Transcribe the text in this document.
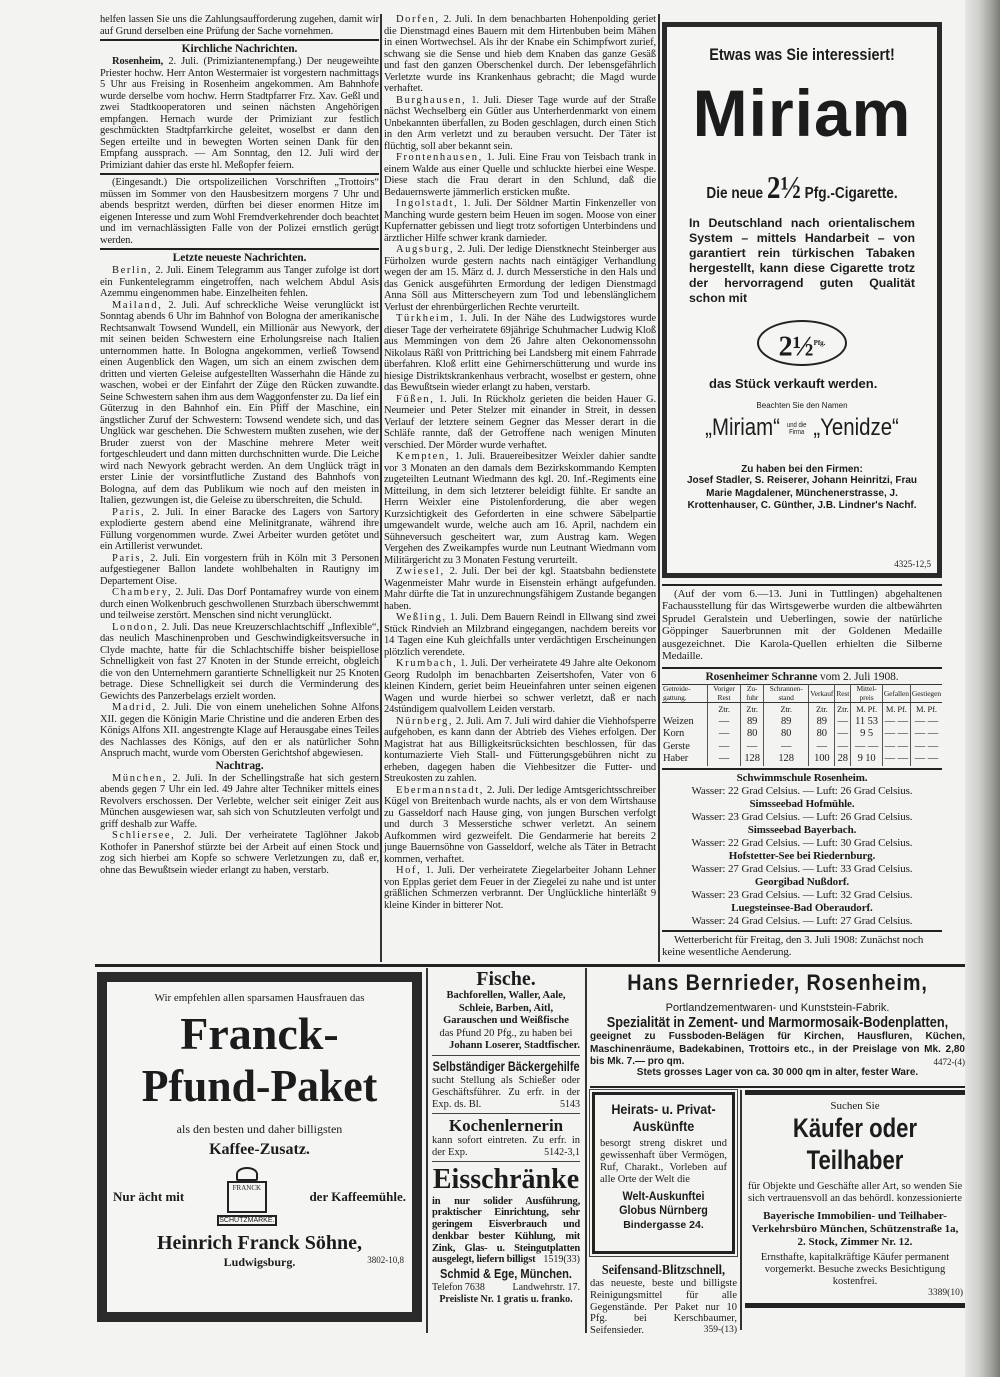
helfen lassen Sie uns die Zahlungsaufforderung zugehen, damit wir auf Grund derselben eine Prüfung der Sache vornehmen.

Kirchliche Nachrichten.

Rosenheim, 2. Juli. (Primiziantenempfang.) Der neugeweihte Priester hochw. Herr Anton Westermaier ist vorgestern nachmittags 5 Uhr aus Freising in Rosenheim angekommen. Am Bahnhofe wurde derselbe vom hochw. Herrn Stadtpfarrer Frz. Xav. Geßl und zwei Stadtkooperatoren und seinen nächsten Angehörigen empfangen. Hernach wurde der Primiziant zur festlich geschmückten Stadtpfarrkirche geleitet, woselbst er dann den Segen erteilte und in bewegten Worten seinen Dank für den Empfang aussprach. — Am Sonntag, den 12. Juli wird der Primiziant dahier das erste hl. Meßopfer feiern.

(Eingesandt.) Die ortspolizeilichen Vorschriften „Trottoirs“ müssen im Sommer von den Hausbesitzern morgens 7 Uhr und abends bespritzt werden, dürften bei dieser enormen Hitze im eigenen Interesse und zum Wohl Fremdverkehrender doch beachtet und im vernachlässigten Falle von der Polizei ernstlich gerügt werden.

Letzte neueste Nachrichten.

Berlin, 2. Juli. Einem Telegramm aus Tanger zufolge ist dort ein Funkentelegramm eingetroffen, nach welchem Abdul Asis Azemmu eingenommen habe. Einzelheiten fehlen.

Mailand, 2. Juli. Auf schreckliche Weise verunglückt ist Sonntag abends 6 Uhr im Bahnhof von Bologna der amerikanische Rechtsanwalt Towsend Wundell, ein Millionär aus Newyork, der mit seinen beiden Schwestern eine Erholungsreise nach Italien unternommen hatte. In Bologna angekommen, verließ Towsend einen Augenblick den Wagen, um sich an einem zwischen dem dritten und vierten Geleise aufgestellten Wasserhahn die Hände zu waschen, wobei er der Einfahrt der Züge den Rücken zuwandte. Seine Schwestern sahen ihm aus dem Waggonfenster zu. Da lief ein Güterzug in den Bahnhof ein. Ein Pfiff der Maschine, ein ängstlicher Zuruf der Schwestern: Towsend wendete sich, und das Unglück war geschehen. Die Schwestern mußten zusehen, wie der Bruder zuerst von der Maschine mehrere Meter weit fortgeschleudert und dann mitten durchschnitten wurde. Die Leiche wird nach Newyork gebracht werden. An dem Unglück trägt in erster Linie der vorsintflutliche Zustand des Bahnhofs von Bologna, auf dem das Publikum wie noch auf den meisten in Italien, gezwungen ist, die Geleise zu überschreiten, die Schuld.

Paris, 2. Juli. In einer Baracke des Lagers von Sartory explodierte gestern abend eine Melinitgranate, während ihre Füllung vorgenommen wurde. Zwei Arbeiter wurden getötet und ein Artillerist verwundet.

Paris, 2. Juli. Ein vorgestern früh in Köln mit 3 Personen aufgestiegener Ballon landete wohlbehalten in Rautigny im Departement Oise.

Chambery, 2. Juli. Das Dorf Pontamafrey wurde von einem durch einen Wolkenbruch geschwollenen Sturzbach überschwemmt und teilweise zerstört. Menschen sind nicht verunglückt.

London, 2. Juli. Das neue Kreuzerschlachtschiff „Inflexible“, das neulich Maschinenproben und Geschwindigkeitsversuche in Clyde machte, hatte für die Schlachtschiffe bisher beispiellose Schnelligkeit von fast 27 Knoten in der Stunde erreicht, obgleich die von den Unternehmern garantierte Schnelligkeit nur 25 Knoten betrage. Diese Schnelligkeit sei durch die Verminderung des Gewichts des Panzerbelags erzielt worden.

Madrid, 2. Juli. Die von einem unehelichen Sohne Alfons XII. gegen die Königin Marie Christine und die anderen Erben des Königs Alfons XII. angestrengte Klage auf Herausgabe eines Teiles des Nachlasses des Königs, auf den er als natürlicher Sohn Anspruch macht, wurde vom Obersten Gerichtshof abgewiesen.

Nachtrag.

München, 2. Juli. In der Schellingstraße hat sich gestern abends gegen 7 Uhr ein led. 49 Jahre alter Techniker mittels eines Revolvers erschossen. Der Verlebte, welcher seit einiger Zeit aus München ausgewiesen war, sah sich von Schutzleuten verfolgt und griff deshalb zur Waffe.

Schliersee, 2. Juli. Der verheiratete Taglöhner Jakob Kothofer in Panershof stürzte bei der Arbeit auf einen Stock und zog sich hierbei am Kopfe so schwere Verletzungen zu, daß er, ohne das Bewußtsein wieder erlangt zu haben, verstarb.

Dorfen, 2. Juli. In dem benachbarten Hohenpolding geriet die Dienstmagd eines Bauern mit dem Hirtenbuben beim Mähen in einen Wortwechsel. Als ihr der Knabe ein Schimpfwort zurief, schwang sie die Sense und hieb dem Knaben das ganze Gesäß und fast den ganzen Oberschenkel durch. Der lebensgefährlich Verletzte wurde ins Krankenhaus gebracht; die Magd wurde verhaftet.

Burghausen, 1. Juli. Dieser Tage wurde auf der Straße nächst Wechselberg ein Gütler aus Unterherdenmarkt von einem Unbekannten überfallen, zu Boden geschlagen, durch einen Stich in den Arm verletzt und zu berauben versucht. Der Täter ist flüchtig, soll aber bekannt sein.

Frontenhausen, 1. Juli. Eine Frau von Teisbach trank in einem Walde aus einer Quelle und schluckte hierbei eine Wespe. Diese stach die Frau derart in den Schlund, daß die Bedauernswerte jämmerlich ersticken mußte.

Ingolstadt, 1. Juli. Der Söldner Martin Finkenzeller von Manching wurde gestern beim Heuen im sogen. Moose von einer Kupfernatter gebissen und liegt trotz sofortigen Unterbindens und ärztlicher Hilfe schwer krank darnieder.

Augsburg, 2. Juli. Der ledige Dienstknecht Steinberger aus Fürholzen wurde gestern nachts nach eintägiger Verhandlung wegen der am 15. März d. J. durch Messerstiche in den Hals und das Genick ausgeführten Ermordung der ledigen Dienstmagd Anna Söll aus Mitterscheyern zum Tod und lebenslänglichem Verlust der ehrenbürgerlichen Rechte verurteilt.

Türkheim, 1. Juli. In der Nähe des Ludwigstores wurde dieser Tage der verheiratete 69jährige Schuhmacher Ludwig Kloß aus Memmingen von dem 26 Jahre alten Oekonomenssohn Nikolaus Räßl von Prittriching bei Landsberg mit einem Fahrrade überfahren. Kloß erlitt eine Gehirnerschütterung und wurde ins hiesige Distriktskrankenhaus verbracht, woselbst er gestern, ohne das Bewußtsein wieder erlangt zu haben, verstarb.

Füßen, 1. Juli. In Rückholz gerieten die beiden Hauer G. Neumeier und Peter Stelzer mit einander in Streit, in dessen Verlauf der letztere seinem Gegner das Messer derart in die Schläfe rannte, daß der Getroffene nach wenigen Minuten verschied. Der Mörder wurde verhaftet.

Kempten, 1. Juli. Brauereibesitzer Weixler dahier sandte vor 3 Monaten an den damals dem Bezirkskommando Kempten zugeteilten Leutnant Wiedmann des kgl. 20. Inf.-Regiments eine Mitteilung, in dem sich letzterer beleidigt fühlte. Er sandte an Herrn Weixler eine Pistolenforderung, die aber wegen Kurzsichtigkeit des Geforderten in eine schwere Säbelpartie umgewandelt wurde, welche auch am 16. April, nachdem ein Sühneversuch gescheitert war, zum Austrag kam. Wegen Vergehen des Zweikampfes wurde nun Leutnant Wiedmann vom Militärgericht zu 3 Monaten Festung verurteilt.

Zwiesel, 2. Juli. Der bei der kgl. Staatsbahn bedienstete Wagenmeister Mahr wurde in Eisenstein erhängt aufgefunden. Mahr dürfte die Tat in unzurechnungsfähigem Zustande begangen haben.

Weßling, 1. Juli. Dem Bauern Reindl in Ellwang sind zwei Stück Rindvieh an Milzbrand eingegangen, nachdem bereits vor 14 Tagen eine Kuh gleichfalls unter verdächtigen Erscheinungen plötzlich verendete.

Krumbach, 1. Juli. Der verheiratete 49 Jahre alte Oekonom Georg Rudolph im benachbarten Zeisertshofen, Vater von 6 kleinen Kindern, geriet beim Heueinfahren unter seinen eigenen Wagen und wurde hierbei so schwer verletzt, daß er nach 24stündigem qualvollem Leiden verstarb.

Nürnberg, 2. Juli. Am 7. Juli wird dahier die Viehhofsperre aufgehoben, es kann dann der Abtrieb des Viehes erfolgen. Der Magistrat hat aus Billigkeitsrücksichten beschlossen, für das kontumazierte Vieh Stall- und Fütterungsgebühren nicht zu erheben, dagegen haben die Viehbesitzer die Futter- und Streukosten zu zahlen.

Ebermannstadt, 2. Juli. Der ledige Amtsgerichtsschreiber Kügel von Breitenbach wurde nachts, als er von dem Wirtshause zu Gasseldorf nach Hause ging, von jungen Burschen verfolgt und durch 3 Messerstiche schwer verletzt. An seinem Aufkommen wird gezweifelt. Die Gendarmerie hat bereits 2 junge Bauernsöhne von Gasseldorf, welche als Täter in Betracht kommen, verhaftet.

Hof, 1. Juli. Der verheiratete Ziegelarbeiter Johann Lehner von Epplas geriet dem Feuer in der Ziegelei zu nahe und ist unter gräßlichen Schmerzen verbrannt. Der Unglückliche hinterläßt 9 kleine Kinder in bitterer Not.

Etwas was Sie interessiert!
Miriam
Die neue 2½ Pfg.-Cigarette.
In Deutschland nach orientalischem System – mittels Handarbeit – von garantiert rein türkischen Tabaken hergestellt, kann diese Cigarette trotz der hervorragend guten Qualität schon mit
2½$^{Pfg.}$
das Stück verkauft werden.
Beachten Sie den Namen
„Miriam“ und die Firma „Yenidze“
Zu haben bei den Firmen:
Josef Stadler, S. Reiserer, Johann Heinritzi, Frau Marie Magdalener, Münchenerstrasse, J. Krottenhauser, C. Günther, J.B. Lindner's Nachf.
4325-12,5

(Auf der vom 6.—13. Juni in Tuttlingen) abgehaltenen Fachausstellung für das Wirtsgewerbe wurden die altbewährten Sprudel Geralstein und Ueberlingen, sowie der natürliche Göppinger Sauerbrunnen mit der Goldenen Medaille ausgezeichnet. Die Karola-Quellen erhielten die Silberne Medaille.

Rosenheimer Schranne vom 2. Juli 1908.
Getreide-gattung.	Voriger Rest	Zu-fuhr	Schrannen-stand	Verkauf	Rest	Mittel-preis	Gefallen	Gestiegen
	Ztr.	Ztr.	Ztr.	Ztr.	Ztr.	M. Pf.	M. Pf.	M. Pf.
Weizen	—	89	89	89	—	11 53	— —	— —
Korn	—	80	80	80	—	9 5	— —	— —
Gerste	—	—	—	—	—	— —	— —	— —
Haber	—	128	128	100	28	9 10	— —	— —
Schwimmschule Rosenheim.
Wasser: 22 Grad Celsius. — Luft: 26 Grad Celsius.
Simsseebad Hofmühle.
Wasser: 23 Grad Celsius. — Luft: 26 Grad Celsius.
Simsseebad Bayerbach.
Wasser: 22 Grad Celsius. — Luft: 30 Grad Celsius.
Hofstetter-See bei Riedernburg.
Wasser: 27 Grad Celsius. — Luft: 33 Grad Celsius.
Georgibad Nußdorf.
Wasser: 23 Grad Celsius. — Luft: 32 Grad Celsius.
Luegsteinsee-Bad Oberaudorf.
Wasser: 24 Grad Celsius. — Luft: 27 Grad Celsius.

Wetterbericht für Freitag, den 3. Juli 1908: Zunächst noch keine wesentliche Aenderung.

Wir empfehlen allen sparsamen Hausfrauen das
Franck-
Pfund-Paket
als den besten und daher billigsten
Kaffee-Zusatz.
Nur ächt mit
FRANCK
SCHUTZMARKE.
der Kaffeemühle.
Heinrich Franck Söhne,
Ludwigsburg.	3802-10,8
Fische.
Bachforellen, Waller, Aale, Schleie, Barben, Aitl, Garauschen und Weißfische
das Pfund 20 Pfg., zu haben bei
Johann Loserer, Stadtfischer.
Selbständiger Bäckergehilfe
sucht Stellung als Schießer oder Geschäftsführer. Zu erfr. in der Exp. ds. Bl.	5143
Kochenlernerin
kann sofort eintreten. Zu erfr. in der Exp.	5142-3,1
Eisschränke
in nur solider Ausführung, praktischer Einrichtung, sehr geringem Eisverbrauch und denkbar bester Kühlung, mit Zink, Glas- u. Steingutplatten ausgelegt, liefern billigst 1519(33)
Schmid & Ege, München.
Telefon 7638	Landwehrstr. 17.
Preisliste Nr. 1 gratis u. franko.
Hans Bernrieder, Rosenheim,
Portlandzementwaren- und Kunststein-Fabrik.
Spezialität in Zement- und Marmormosaik-Bodenplatten,
geeignet zu Fussboden-Belägen für Kirchen, Hausfluren, Küchen, Maschinenräume, Badekabinen, Trottoirs etc., in der Preislage von Mk. 2,80 bis Mk. 7.— pro qm.	4472-(4)
Stets grosses Lager von ca. 30 000 qm in alter, fester Ware.
Heirats- u. Privat-Auskünfte
besorgt streng diskret und gewissenhaft über Vermögen, Ruf, Charakt., Vorleben auf alle Orte der Welt die
Welt-Auskunftei Globus Nürnberg
Bindergasse 24.
Seifensand-Blitzschnell,
das neueste, beste und billigste Reinigungsmittel für alle Gegenstände. Per Paket nur 10 Pfg. bei Kerschbaumer, Seifensieder.	359-(13)
Suchen Sie
Käufer oder
Teilhaber
für Objekte und Geschäfte aller Art, so wenden Sie sich vertrauensvoll an das behördl. konzessionierte
Bayerische Immobilien- und Teilhaber-Verkehrsbüro München, Schützenstraße 1a, 2. Stock, Zimmer Nr. 12.
Ernsthafte, kapitalkräftige Käufer permanent vorgemerkt. Besuche zwecks Besichtigung kostenfrei.
3389(10)
